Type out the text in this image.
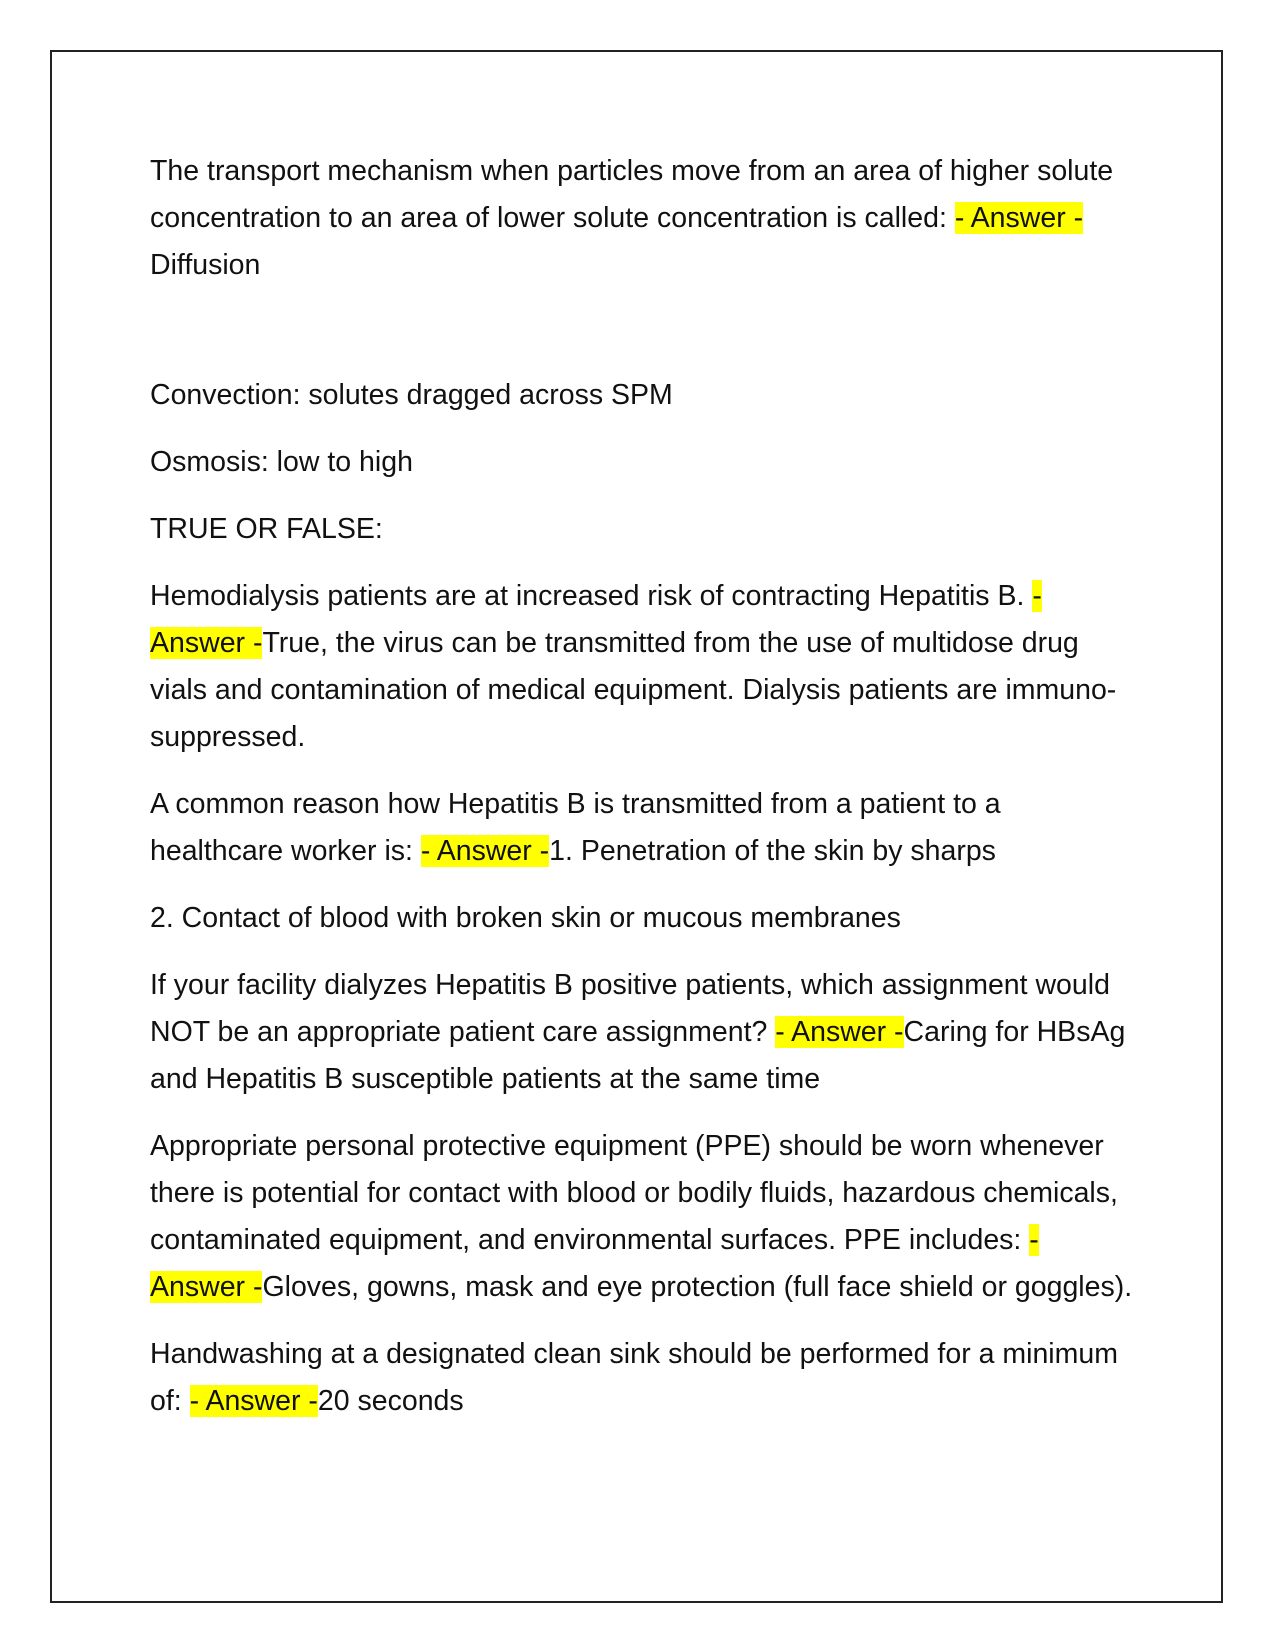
The transport mechanism when particles move from an area of higher solute concentration to an area of lower solute concentration is called: - Answer -Diffusion

Convection: solutes dragged across SPM

Osmosis: low to high

TRUE OR FALSE:

Hemodialysis patients are at increased risk of contracting Hepatitis B. - Answer -True, the virus can be transmitted from the use of multidose drug vials and contamination of medical equipment. Dialysis patients are immuno-suppressed.

A common reason how Hepatitis B is transmitted from a patient to a healthcare worker is: - Answer -1. Penetration of the skin by sharps

2. Contact of blood with broken skin or mucous membranes

If your facility dialyzes Hepatitis B positive patients, which assignment would NOT be an appropriate patient care assignment? - Answer -Caring for HBsAg and Hepatitis B susceptible patients at the same time

Appropriate personal protective equipment (PPE) should be worn whenever there is potential for contact with blood or bodily fluids, hazardous chemicals, contaminated equipment, and environmental surfaces. PPE includes: - Answer -Gloves, gowns, mask and eye protection (full face shield or goggles).

Handwashing at a designated clean sink should be performed for a minimum of: - Answer -20 seconds
